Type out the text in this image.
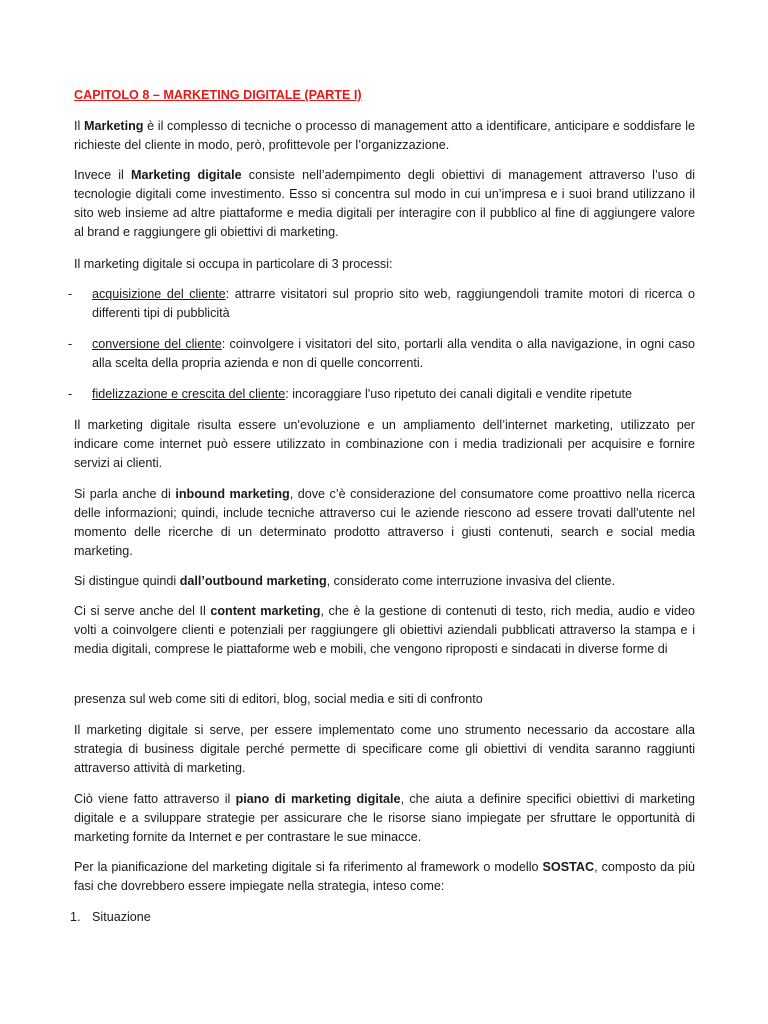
CAPITOLO 8 – MARKETING DIGITALE (PARTE I)

Il Marketing è il complesso di tecniche o processo di management atto a identificare, anticipare e soddisfare le richieste del cliente in modo, però, profittevole per l’organizzazione.

Invece il Marketing digitale consiste nell’adempimento degli obiettivi di management attraverso l’uso di tecnologie digitali come investimento. Esso si concentra sul modo in cui un’impresa e i suoi brand utilizzano il sito web insieme ad altre piattaforme e media digitali per interagire con il pubblico al fine di aggiungere valore al brand e raggiungere gli obiettivi di marketing.

Il marketing digitale si occupa in particolare di 3 processi:

- acquisizione del cliente: attrarre visitatori sul proprio sito web, raggiungendoli tramite motori di ricerca o differenti tipi di pubblicità
- conversione del cliente: coinvolgere i visitatori del sito, portarli alla vendita o alla navigazione, in ogni caso alla scelta della propria azienda e non di quelle concorrenti.
- fidelizzazione e crescita del cliente: incoraggiare l'uso ripetuto dei canali digitali e vendite ripetute

Il marketing digitale risulta essere un'evoluzione e un ampliamento dell’internet marketing, utilizzato per indicare come internet può essere utilizzato in combinazione con i media tradizionali per acquisire e fornire servizi ai clienti.

Si parla anche di inbound marketing, dove c’è considerazione del consumatore come proattivo nella ricerca delle informazioni; quindi, include tecniche attraverso cui le aziende riescono ad essere trovati dall'utente nel momento delle ricerche di un determinato prodotto attraverso i giusti contenuti, search e social media marketing.

Si distingue quindi dall’outbound marketing, considerato come interruzione invasiva del cliente.

Ci si serve anche del Il content marketing, che è la gestione di contenuti di testo, rich media, audio e video volti a coinvolgere clienti e potenziali per raggiungere gli obiettivi aziendali pubblicati attraverso la stampa e i media digitali, comprese le piattaforme web e mobili, che vengono riproposti e sindacati in diverse forme di

presenza sul web come siti di editori, blog, social media e siti di confronto

Il marketing digitale si serve, per essere implementato come uno strumento necessario da accostare alla strategia di business digitale perché permette di specificare come gli obiettivi di vendita saranno raggiunti attraverso attività di marketing.

Ciò viene fatto attraverso il piano di marketing digitale, che aiuta a definire specifici obiettivi di marketing digitale e a sviluppare strategie per assicurare che le risorse siano impiegate per sfruttare le opportunità di marketing fornite da Internet e per contrastare le sue minacce.

Per la pianificazione del marketing digitale si fa riferimento al framework o modello SOSTAC, composto da più fasi che dovrebbero essere impiegate nella strategia, inteso come:

1. Situazione
